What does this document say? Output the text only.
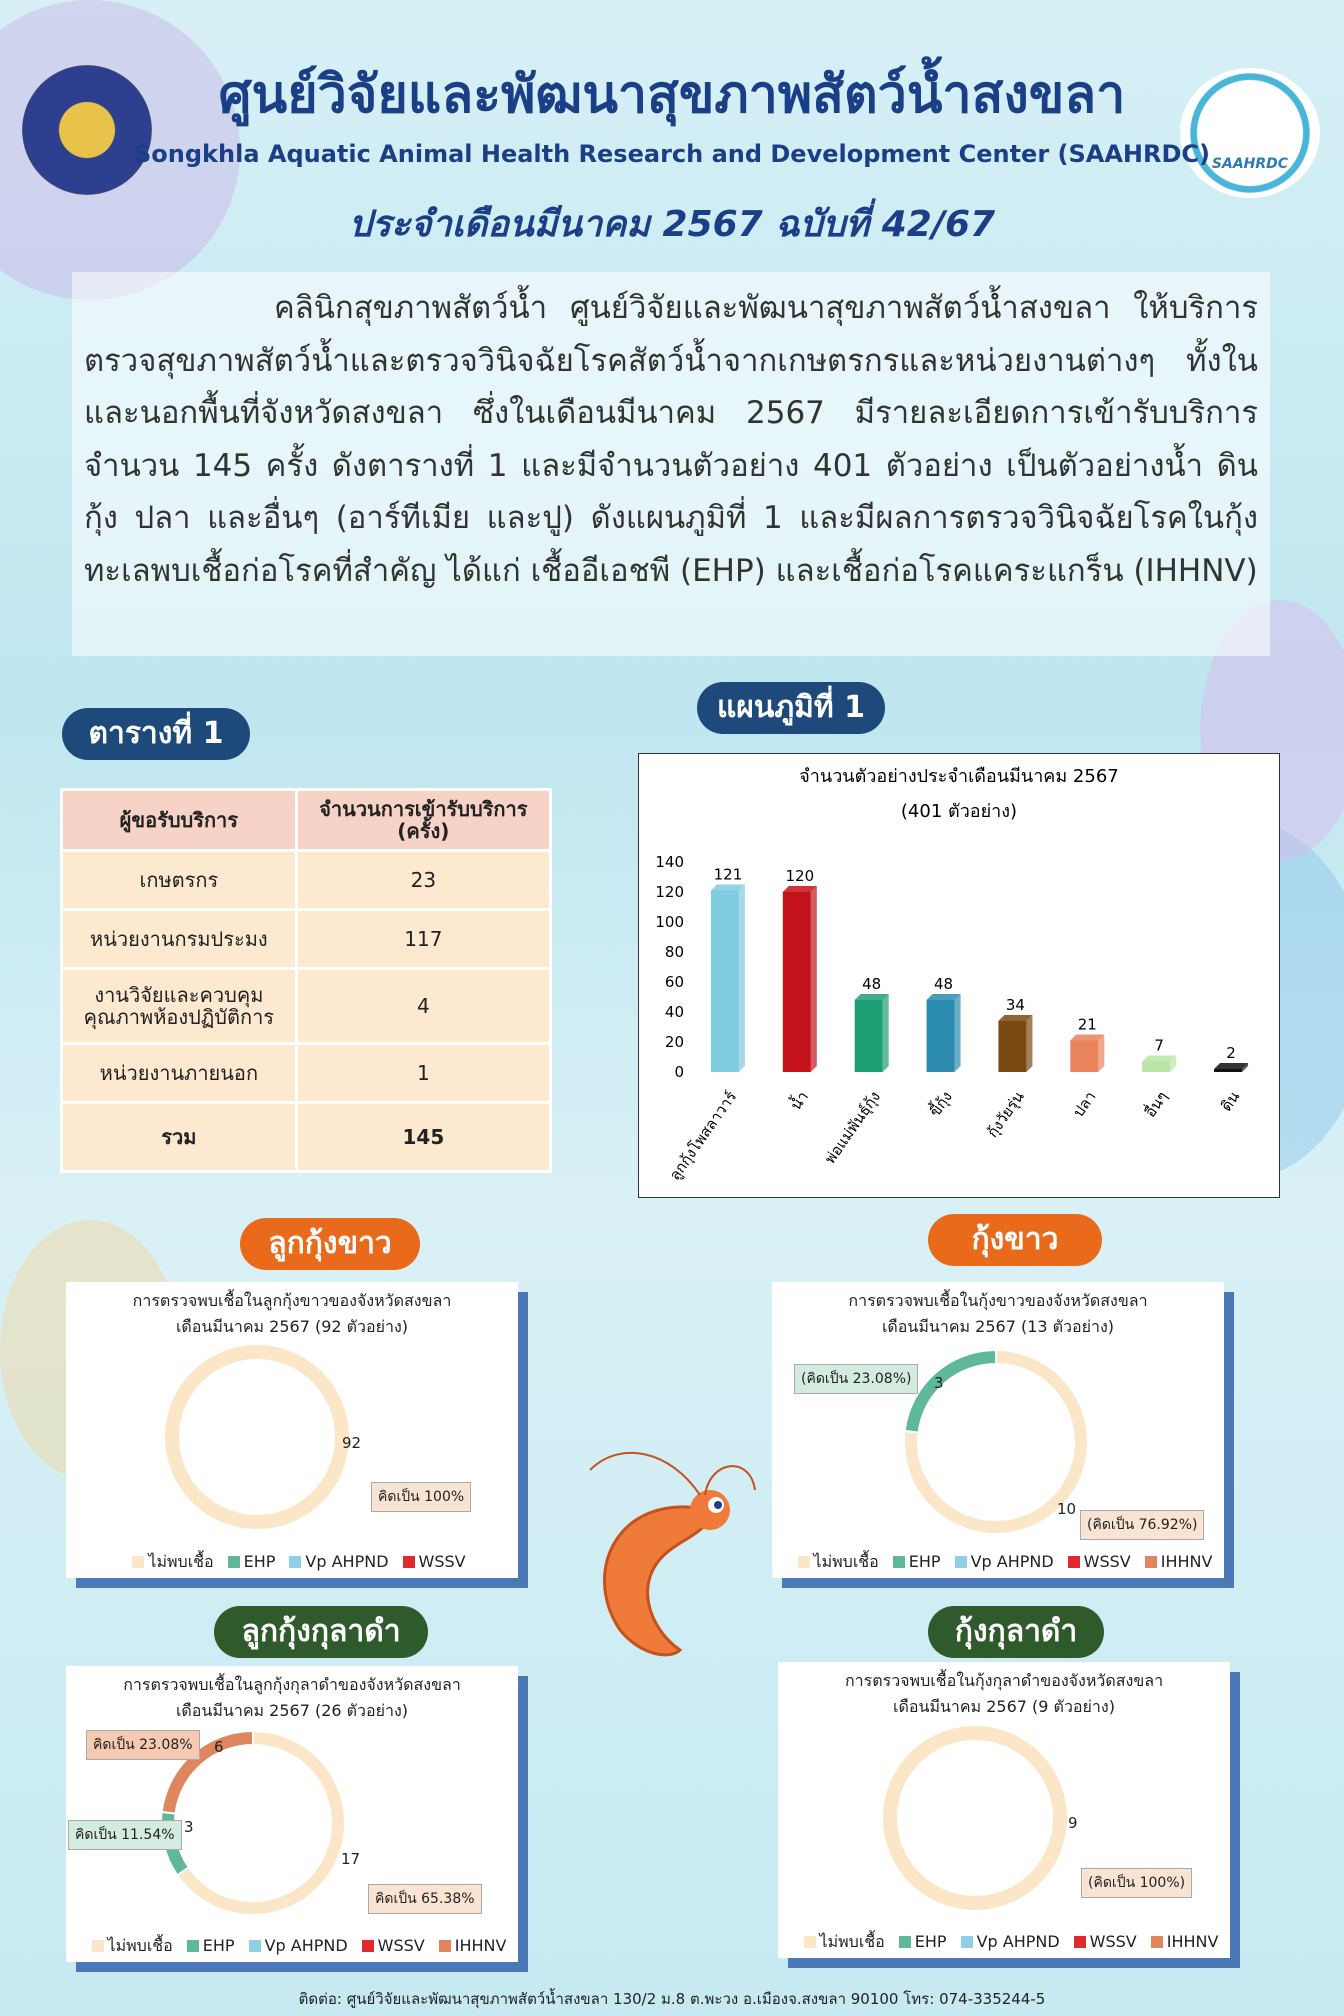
SAAHRDC
ศูนย์วิจัยและพัฒนาสุขภาพสัตว์น้ำสงขลา
Songkhla Aquatic Animal Health Research and Development Center (SAAHRDC)
ประจำเดือนมีนาคม 2567 ฉบับที่ 42/67
คลินิกสุขภาพสัตว์น้ำ ศูนย์วิจัยและพัฒนาสุขภาพสัตว์น้ำสงขลา ให้บริการตรวจสุขภาพสัตว์น้ำและตรวจวินิจฉัยโรคสัตว์น้ำจากเกษตรกรและหน่วยงานต่างๆ ทั้งในและนอกพื้นที่จังหวัดสงขลา ซึ่งในเดือนมีนาคม 2567 มีรายละเอียดการเข้ารับบริการจำนวน 145 ครั้ง ดังตารางที่ 1 และมีจำนวนตัวอย่าง 401 ตัวอย่าง เป็นตัวอย่างน้ำ ดิน กุ้ง ปลา และอื่นๆ (อาร์ทีเมีย และปู) ดังแผนภูมิที่ 1 และมีผลการตรวจวินิจฉัยโรคในกุ้งทะเลพบเชื้อก่อโรคที่สำคัญ ได้แก่ เชื้ออีเอชพี (EHP) และเชื้อก่อโรคแคระแกร็น (IHHNV)
ตารางที่ 1
ผู้ขอรับบริการ	จำนวนการเข้ารับบริการ (ครั้ง)
เกษตรกร	23
หน่วยงานกรมประมง	117
งานวิจัยและควบคุมคุณภาพห้องปฏิบัติการ	4
หน่วยงานภายนอก	1
รวม	145
แผนภูมิที่ 1
จำนวนตัวอย่างประจำเดือนมีนาคม 2567
(401 ตัวอย่าง)
0
20
40
60
80
100
120
140
121
ลูกกุ้งโพสลาวาร์
120
น้ำ
48
พ่อแม่พันธุ์กุ้ง
48
ขี้กุ้ง
34
กุ้งวัยรุ่น
21
ปลา
7
อื่นๆ
2
ดิน
ลูกกุ้งขาว
การตรวจพบเชื้อในลูกกุ้งขาวของจังหวัดสงขลา
เดือนมีนาคม 2567 (92 ตัวอย่าง)
ไม่พบเชื้อ EHP Vp AHPND WSSV
92
คิดเป็น 100%
กุ้งขาว
การตรวจพบเชื้อในกุ้งขาวของจังหวัดสงขลา
เดือนมีนาคม 2567 (13 ตัวอย่าง)
ไม่พบเชื้อ EHP Vp AHPND WSSV IHHNV
10
(คิดเป็น 76.92%)
3
(คิดเป็น 23.08%)
ลูกกุ้งกุลาดำ
การตรวจพบเชื้อในลูกกุ้งกุลาดำของจังหวัดสงขลา
เดือนมีนาคม 2567 (26 ตัวอย่าง)
ไม่พบเชื้อ EHP Vp AHPND WSSV IHHNV
17
คิดเป็น 65.38%
3
คิดเป็น 11.54%
6
คิดเป็น 23.08%
กุ้งกุลาดำ
การตรวจพบเชื้อในกุ้งกุลาดำของจังหวัดสงขลา
เดือนมีนาคม 2567 (9 ตัวอย่าง)
ไม่พบเชื้อ EHP Vp AHPND WSSV IHHNV
9
(คิดเป็น 100%)
ติดต่อ: ศูนย์วิจัยและพัฒนาสุขภาพสัตว์น้ำสงขลา 130/2 ม.8 ต.พะวง อ.เมืองจ.สงขลา 90100 โทร: 074-335244-5
